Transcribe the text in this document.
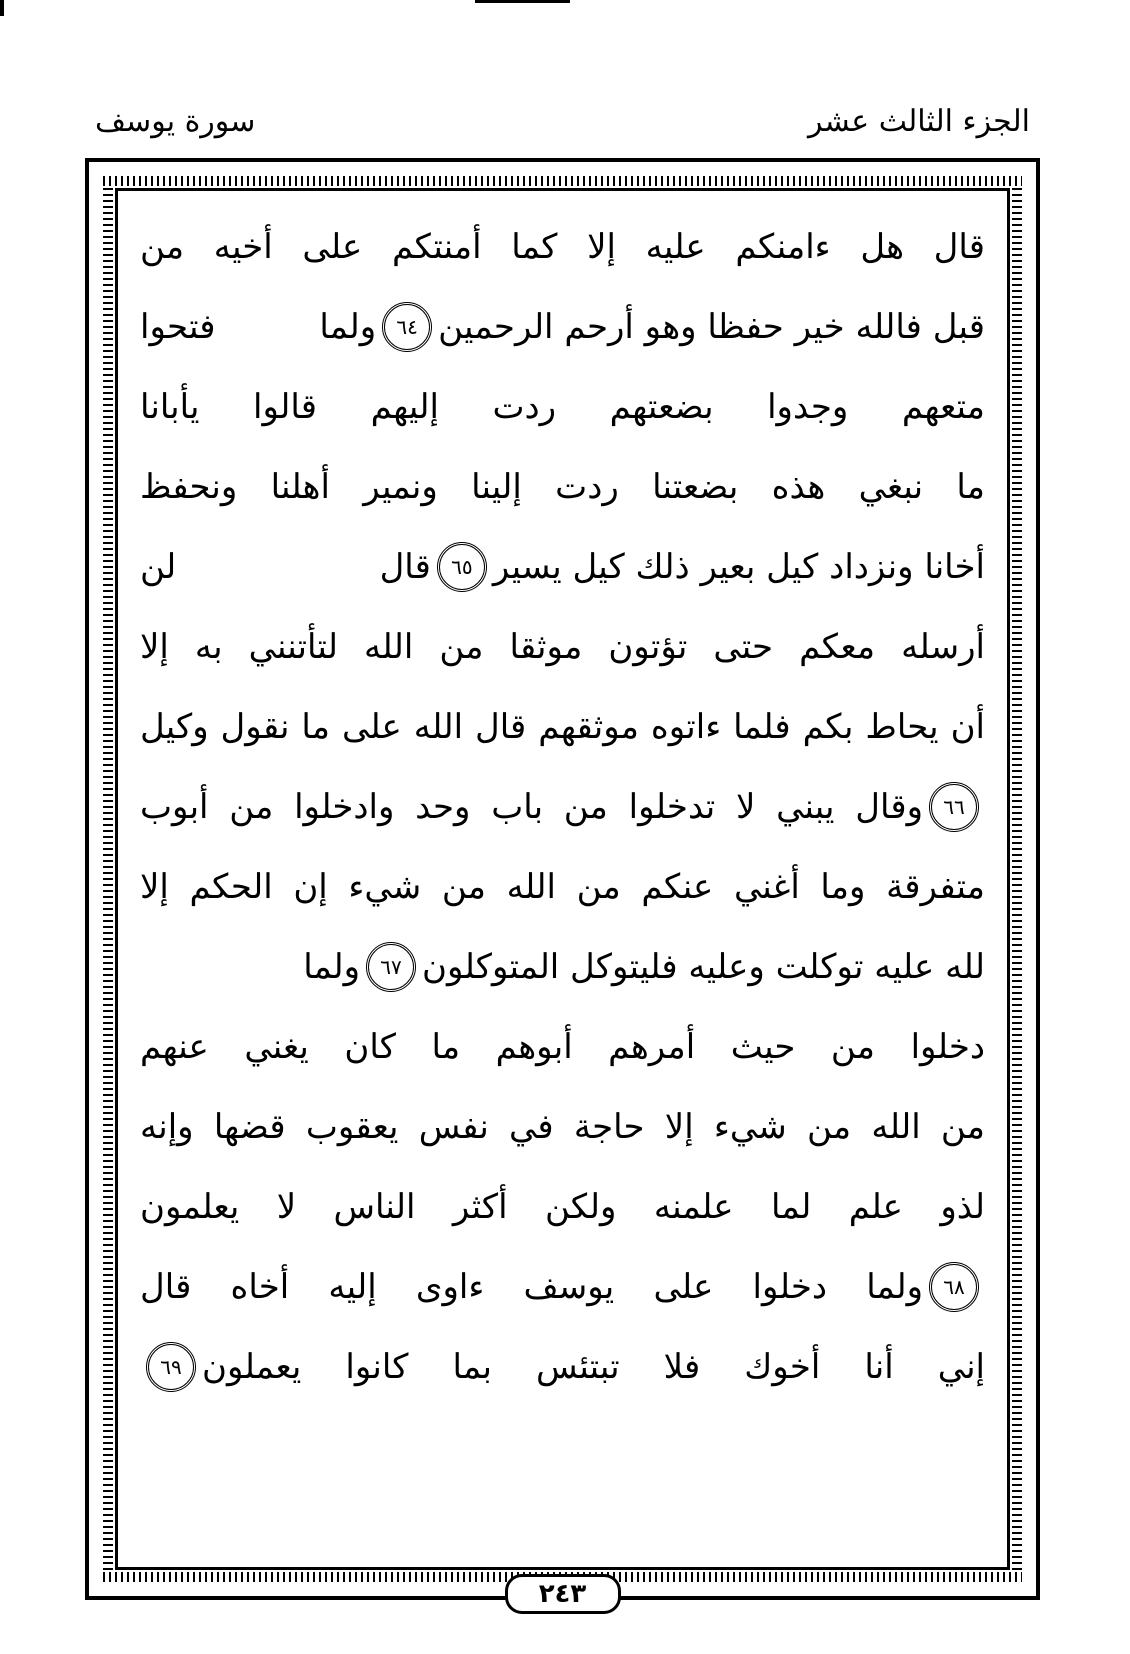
الجزء الثالث عشر
سورة يوسف
قال هل ءامنكم عليه إلا كما أمنتكم على أخيه من
قبل فالله خير حفظا وهو أرحم الرحمين
٦٤
ولما فتحوا
متعهم وجدوا بضعتهم ردت إليهم قالوا يأبانا
ما نبغي هذه بضعتنا ردت إلينا ونمير أهلنا ونحفظ
أخانا ونزداد كيل بعير ذلك كيل يسير
٦٥
قال لن
أرسله معكم حتى تؤتون موثقا من الله لتأتنني به إلا
أن يحاط بكم فلما ءاتوه موثقهم قال الله على ما نقول وكيل
٦٦
وقال يبني لا تدخلوا من باب وحد وادخلوا من أبوب
متفرقة وما أغني عنكم من الله من شيء إن الحكم إلا
لله عليه توكلت وعليه فليتوكل المتوكلون
٦٧
ولما
دخلوا من حيث أمرهم أبوهم ما كان يغني عنهم
من الله من شيء إلا حاجة في نفس يعقوب قضها وإنه
لذو علم لما علمنه ولكن أكثر الناس لا يعلمون
٦٨
ولما دخلوا على يوسف ءاوى إليه أخاه قال
إني أنا أخوك فلا تبتئس بما كانوا يعملون
٦٩
٢٤٣
